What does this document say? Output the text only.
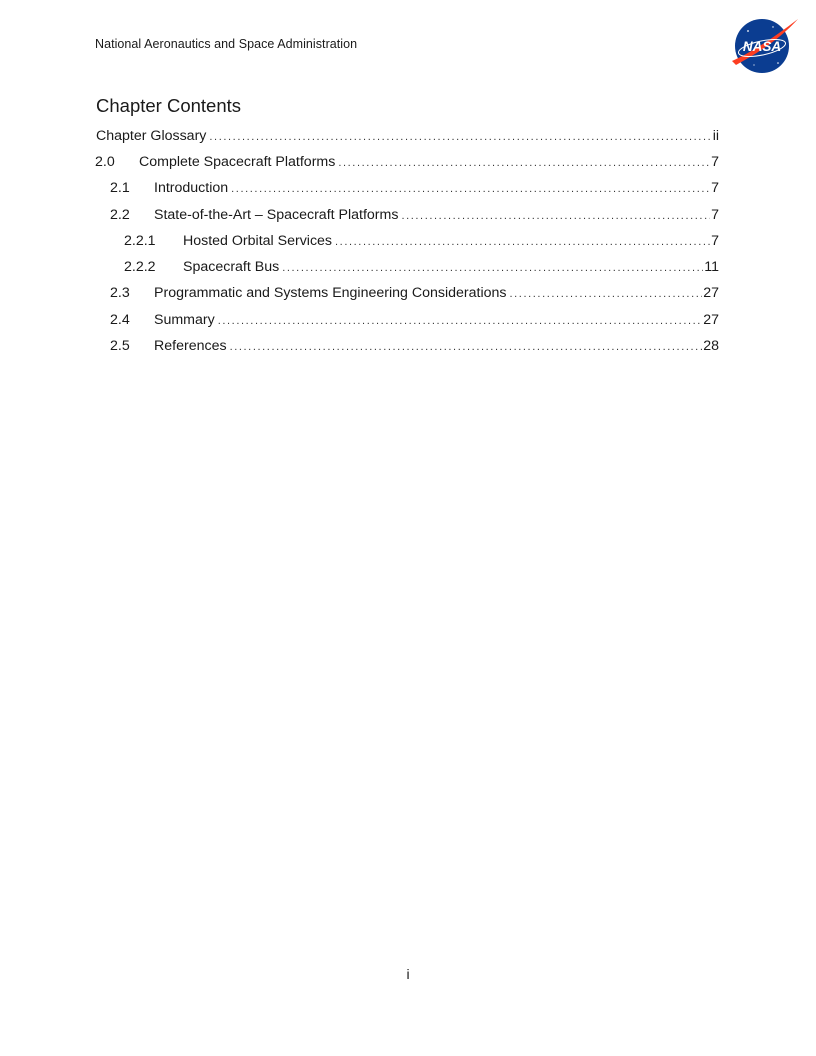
National Aeronautics and Space Administration	NASA
Chapter Contents
Chapter Glossary .....	ii
2.0	Complete Spacecraft Platforms .....	7
2.1	Introduction .....	7
2.2	State-of-the-Art – Spacecraft Platforms .....	7
2.2.1	Hosted Orbital Services .....	7
2.2.2	Spacecraft Bus .....	11
2.3	Programmatic and Systems Engineering Considerations .....	27
2.4	Summary .....	27
2.5	References .....	28
i
